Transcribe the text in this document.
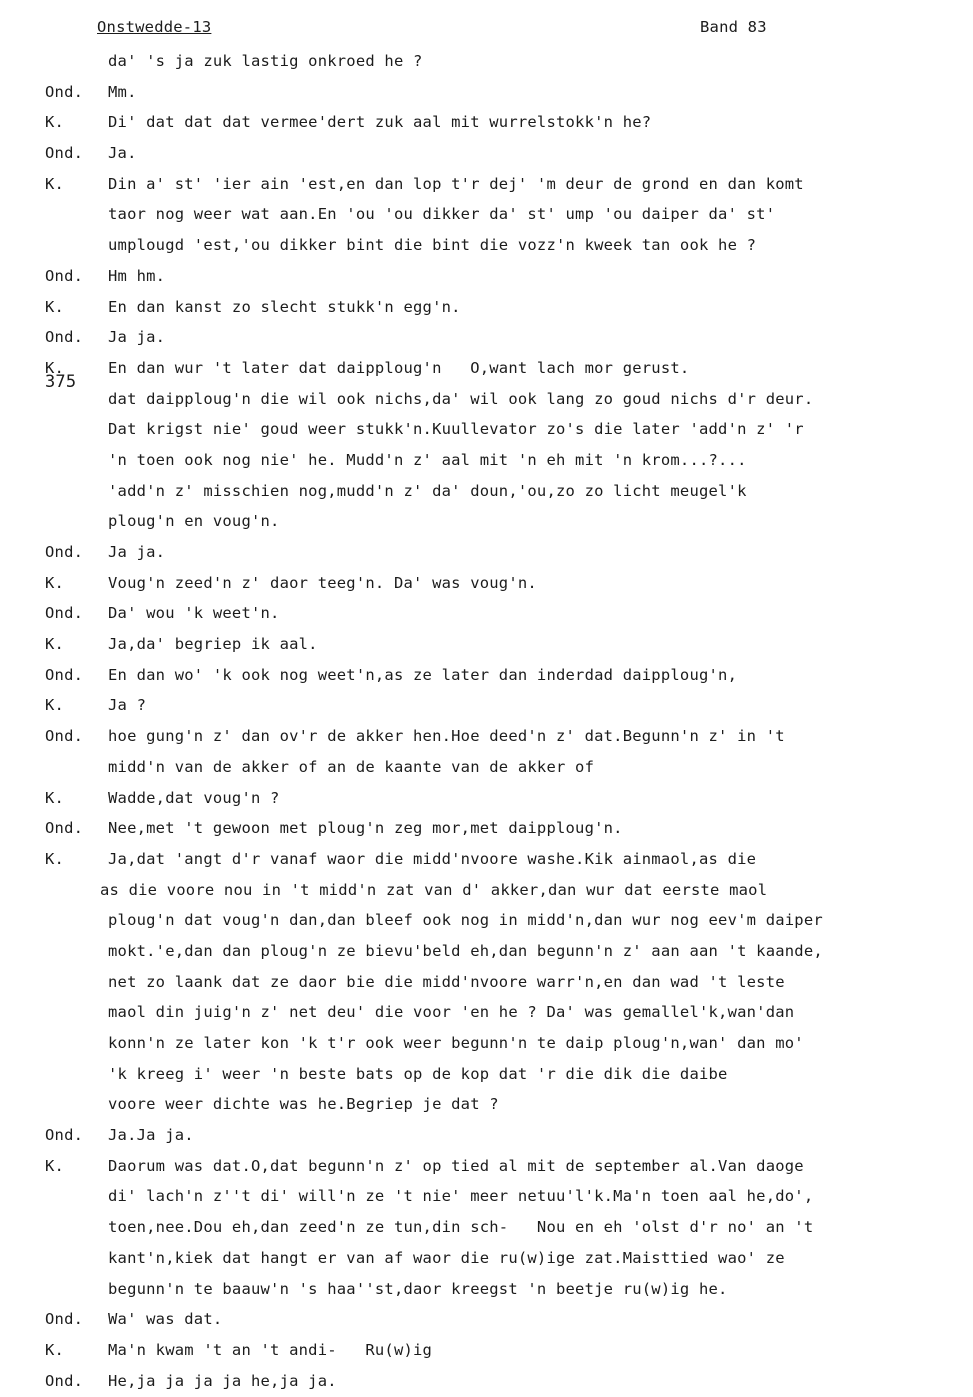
Onstwedde-13	Band 83
375
da' 's ja zuk lastig onkroed he ?
Ond. Mm.
K.	Di' dat dat dat vermee'dert zuk aal mit wurrelstokk'n he?
Ond. Ja.
K.	Din a' st' 'ier ain 'est,en dan lop t'r dej' 'm deur de grond en dan komt
taor nog weer wat aan.En 'ou 'ou dikker da' st' ump 'ou daiper da' st'
umplougd 'est,'ou dikker bint die bint die vozz'n kweek tan ook he ?
Ond. Hm hm.
K.	En dan kanst zo slecht stukk'n egg'n.
Ond. Ja ja.
K.	En dan wur 't later dat daipploug'n   O,want lach mor gerust.
dat daipploug'n die wil ook nichs,da' wil ook lang zo goud nichs d'r deur.
Dat krigst nie' goud weer stukk'n.Kuullevator zo's die later 'add'n z' 'r
'n toen ook nog nie' he. Mudd'n z' aal mit 'n eh mit 'n krom...?...
'add'n z' misschien nog,mudd'n z' da' doun,'ou,zo zo licht meugel'k
ploug'n en voug'n.
Ond. Ja ja.
K.	Voug'n zeed'n z' daor teeg'n. Da' was voug'n.
Ond. Da' wou 'k weet'n.
K.	Ja,da' begriep ik aal.
Ond. En dan wo' 'k ook nog weet'n,as ze later dan inderdad daipploug'n,
K.	Ja ?
Ond. hoe gung'n z' dan ov'r de akker hen.Hoe deed'n z' dat.Begunn'n z' in 't
midd'n van de akker of an de kaante van de akker of
K.	Wadde,dat voug'n ?
Ond. Nee,met 't gewoon met ploug'n zeg mor,met daipploug'n.
K.	Ja,dat 'angt d'r vanaf waor die midd'nvoore washe.Kik ainmaol,as die
as die voore nou in 't midd'n zat van d' akker,dan wur dat eerste maol
ploug'n dat voug'n dan,dan bleef ook nog in midd'n,dan wur nog eev'm daiper
mokt.'e,dan dan ploug'n ze bievu'beld eh,dan begunn'n z' aan aan 't kaande,
net zo laank dat ze daor bie die midd'nvoore warr'n,en dan wad 't leste
maol din juig'n z' net deu' die voor 'en he ? Da' was gemallel'k,wan'dan
konn'n ze later kon 'k t'r ook weer begunn'n te daip ploug'n,wan' dan mo'
'k kreeg i' weer 'n beste bats op de kop dat 'r die dik die daibe
voore weer dichte was he.Begriep je dat ?
Ond. Ja.Ja ja.
K.	Daorum was dat.O,dat begunn'n z' op tied al mit de september al.Van daoge
di' lach'n z''t di' will'n ze 't nie' meer netuu'l'k.Ma'n toen aal he,do',
toen,nee.Dou eh,dan zeed'n ze tun,din sch-   Nou en eh 'olst d'r no' an 't
kant'n,kiek dat hangt er van af waor die ru(w)ige zat.Maisttied wao' ze
begunn'n te baauw'n 's haa''st,daor kreegst 'n beetje ru(w)ig he.
Ond. Wa' was dat.
K.	Ma'n kwam 't an 't andi-   Ru(w)ig
Ond. He,ja ja ja ja he,ja ja.
